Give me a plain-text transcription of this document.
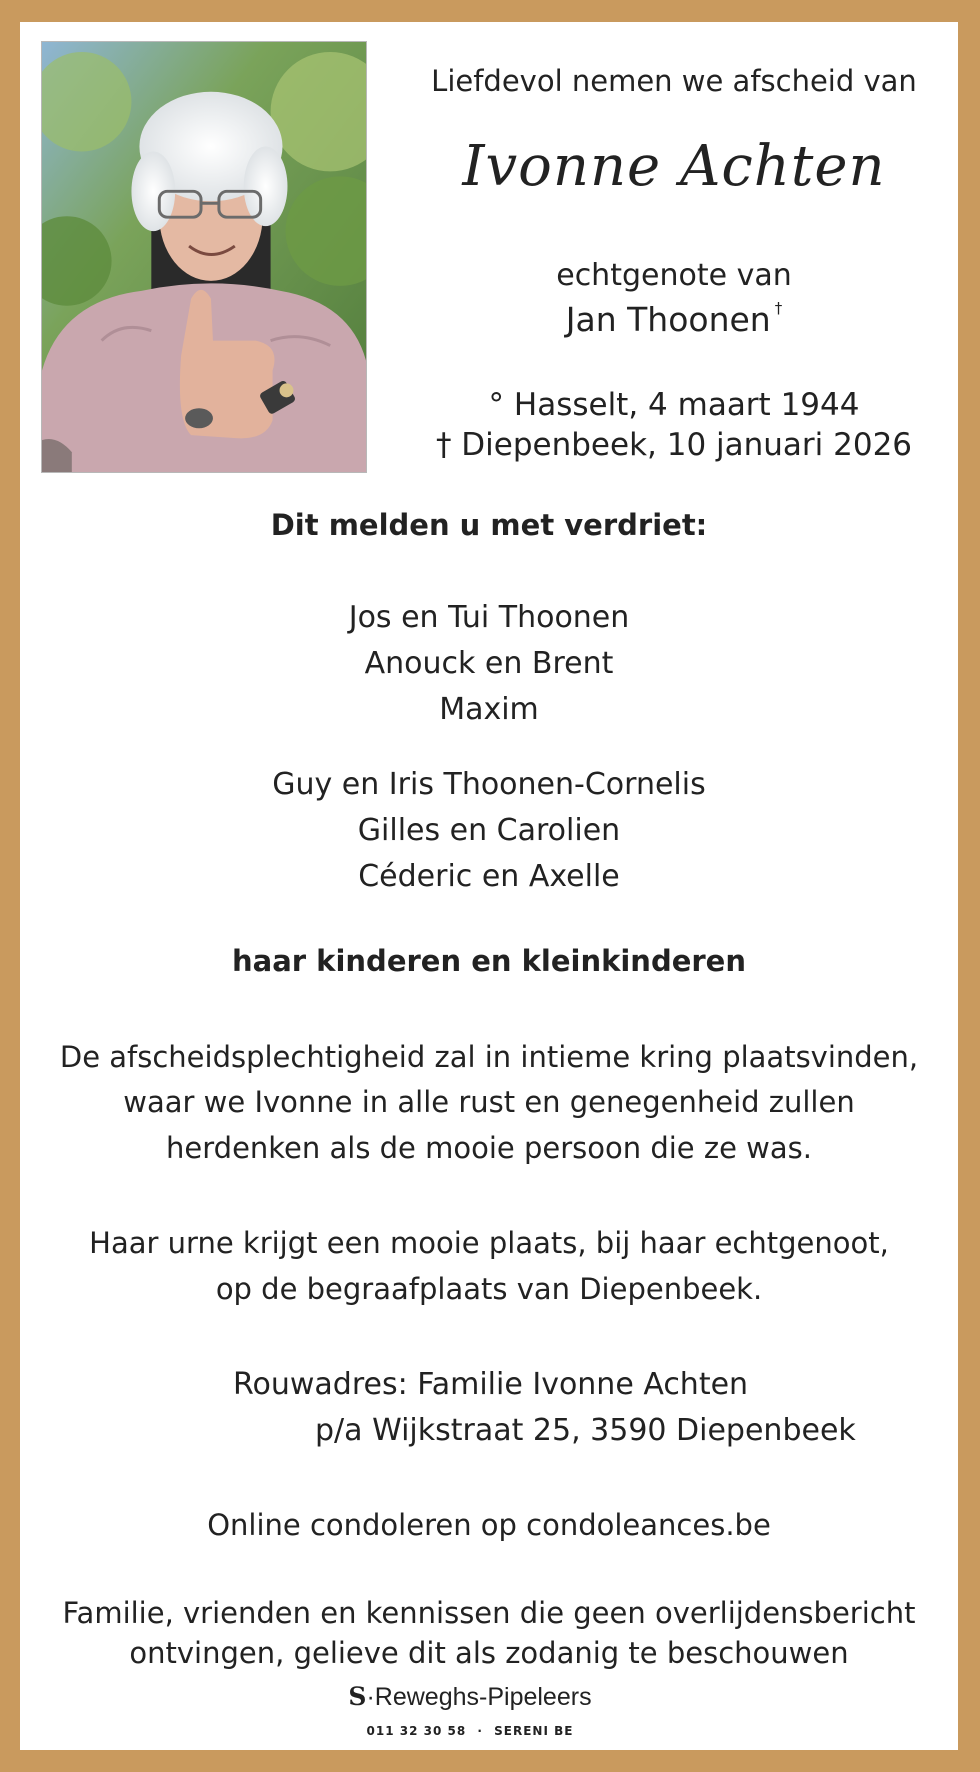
Liefdevol nemen we afscheid van
Ivonne Achten
echtgenote van
Jan Thoonen †
° Hasselt, 4 maart 1944
† Diepenbeek, 10 januari 2026
Dit melden u met verdriet:
Jos en Tui Thoonen
Anouck en Brent
Maxim
Guy en Iris Thoonen-Cornelis
Gilles en Carolien
Céderic en Axelle
haar kinderen en kleinkinderen
De afscheidsplechtigheid zal in intieme kring plaatsvinden,
waar we Ivonne in alle rust en genegenheid zullen
herdenken als de mooie persoon die ze was.
Haar urne krijgt een mooie plaats, bij haar echtgenoot,
op de begraafplaats van Diepenbeek.
Rouwadres: Familie Ivonne Achten
p/a Wijkstraat 25, 3590 Diepenbeek
Online condoleren op condoleances.be
Familie, vrienden en kennissen die geen overlijdensbericht
ontvingen, gelieve dit als zodanig te beschouwen
S·Reweghs-Pipeleers
011 32 30 58 · SERENI BE
